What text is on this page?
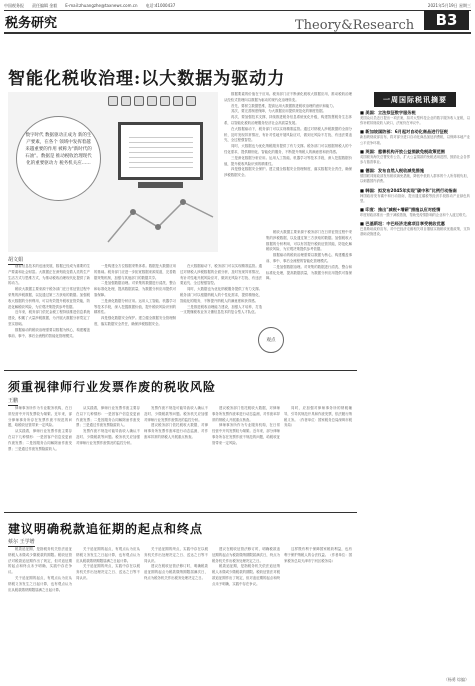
中国税务报 责任编辑 金毅 E-mail:zhuangzhe@taxnews.com.cn 电话:41000437	2021年5月19日 星期三
税务研究	Theory&Research	B3
智能化税收治理:以大数据为驱动力
数字时代 数据驱动正成为 新的生产要素，在各个 领域中发挥着越来越重要的作用 被称为"新时代的石油"。数据是 推动税收治理现代化的重要驱动力 税务机关应……
胡文娟

随着信息技术的迅速发展，数据已经成为重要的生产要素和社会财富。大数据正在深刻改变着人类的生产生活方式与思维方式，为推动税收治理现代化提供了新的动力。

税收大数据主要来源于税务部门在日常征管过程中采集的涉税数据，以及通过第三方获取的数据。加强税收大数据的分析利用，可以有效提升税收征管效能，防范化解税收风险，为宏观决策提供参考依据。

近年来，税务部门依托金税工程持续推进信息系统建设，积累了大量涉税数据，为开展大数据分析奠定了坚实基础。

数据驱动的税收治理需要以数据为核心，构建覆盖事前、事中、事后全流程的智能化管理模式。

一是构建全方位数据采集体系。数据是大数据应用的基础。税务部门应进一步拓宽数据来源渠道，完善数据采集机制，加强与其他部门的数据共享。

二是加强数据治理。对采集的数据进行清洗、整合和标准化处理，提高数据质量，为数据分析应用提供可靠保障。

三是深化数据分析应用。运用人工智能、机器学习等技术手段，深入挖掘数据价值，提升税收风险识别的精准性。

四是强化数据安全保护。建立健全数据安全管理制度，落实数据安全责任，确保涉税数据安全。

在大数据驱动下，税务部门可以实现精准监管。通过对纳税人涉税数据的全面分析，及时发现异常情况，有针对性地开展风险应对，做到无风险不打扰、有违法要追究、全过程强智控。

同时，大数据也为优化纳税服务提供了有力支撑。税务部门可以根据纳税人的个性化需求，提供精细化、智能化的服务，不断提升纳税人的满意度和获得感。

三是推进税收治理能力建设，加强人才培养，打造一支既懂税收业务又懂信息技术的复合型人才队伍。

数据要素的价值在于应用。税务部门应不断深化税收大数据应用，推动税收治理从经验式管理向以数据为驱动的现代化治理转变。

首先，要树立数据思维，提高运用大数据推进税收治理的意识和能力。

其次，要完善制度保障，为大数据应用提供规范化的制度依据。

再次，要加强技术支撑，持续推进税务信息系统优化升级，构建智慧税务生态体系，以智能化税收治理服务经济社会高质量发展。

在大数据驱动下，税务部门可以实现精准监管。通过对纳税人涉税数据的全面分析，及时发现异常情况，有针对性地开展风险应对，做到无风险不打扰、有违法要追究、全过程强智控。

同时，大数据也为优化纳税服务提供了有力支撑。税务部门可以根据纳税人的个性化需求，提供精细化、智能化的服务，不断提升纳税人的满意度和获得感。

三是深化数据分析应用。运用人工智能、机器学习等技术手段，深入挖掘数据价值，提升税收风险识别的精准性。

四是强化数据安全保护。建立健全数据安全管理制度，落实数据安全责任，确保涉税数据安全。

税收大数据主要来源于税务部门在日常征管过程中采集的涉税数据，以及通过第三方获取的数据。加强税收大数据的分析利用，可以有效提升税收征管效能，防范化解税收风险，为宏观决策提供参考依据。

数据驱动的税收治理需要以数据为核心，构建覆盖事前、事中、事后全流程的智能化管理模式。

二是加强数据治理。对采集的数据进行清洗、整合和标准化处理，提高数据质量，为数据分析应用提供可靠保障。

观点
一周国际税讯摘要
■ 美国：立法拟征数字服务税
美国众议员近日提出一项法案，拟对大型科技企业的数字服务收入征税，以弥补联邦财政收入缺口，法案仍在审议中。
■ 新加坡国防部：6月起对自动化商品进行征税
新加坡财政部宣布，将对部分进口自动化商品加征消费税，以保障本地产业公平竞争环境。
■ 英国：慈善机构开放公益捐款免税政策范围
英国税务海关总署发布公告，扩大公益捐款的免税适用范围，鼓励社会各界参与慈善事业。
■ 德国：发布自然人税收减免措施
德国联邦财政部发布税收减免措施，降低中低收入群体的个人所得税负担，以刺激国内消费。
■ 韩国：拟发布2045年实现"碳中和"比例行动指南
韩国政府发布碳中和行动指南，提出通过碳税等经济手段推动产业绿色转型。
■ 印度：推出"减税+增薪"措施以应对疫情
印度财政部推出一揽子减税措施，帮助受疫情影响的企业和个人渡过难关。
■ 巴基斯坦：中巴经济走廊项目享受税收优惠
巴基斯坦政府宣布，对中巴经济走廊相关项目继续实施税收优惠政策，支持基础设施建设。
（杨勇 综编）
须重视律师行业发票作废的税收风险
王鹏

律师事务所作为专业服务机构，在日常经营中开具发票较为频繁。近年来，部分律师事务所存在发票作废不规范的问题，给税收征管带来一定风险。

从实践看，律师行业发票作废主要存在以下几种情形：一是因客户信息变更而作废发票；二是因服务合同解除而作废发票；三是通过作废发票隐匿收入。

从实践看，律师行业发票作废主要存在以下几种情形：一是因客户信息变更而作废发票；二是因服务合同解除而作废发票；三是通过作废发票隐匿收入。

发票作废不规范可能导致收入确认不及时、少缴税款等问题。税务机关应加强对律师行业发票作废情况的监控分析。

发票作废不规范可能导致收入确认不及时、少缴税款等问题。税务机关应加强对律师行业发票作废情况的监控分析。

建议税务部门依托税收大数据，对律师事务所发票作废率进行动态监测，对作废率异常的纳税人开展重点核查。

建议税务部门依托税收大数据，对律师事务所发票作废率进行动态监测，对作废率异常的纳税人开展重点核查。

律师事务所作为专业服务机构，在日常经营中开具发票较为频繁。近年来，部分律师事务所存在发票作废不规范的问题，给税收征管带来一定风险。

同时，应加强对律师事务所的纳税辅导，引导其规范开具和作废发票，依法履行纳税义务。（作者单位：国家税务总局深圳市税务局）

建议明确税款追征期的起点和终点
蔡尔 王学增

税款追征期，是指税务机关依法追征纳税人未缴或少缴税款的期限。税收征管法对税款追征期作出了规定，但对追征期的起点和终点未予明确，实践中存在争议。

关于追征期的起点，有观点认为应从纳税义务发生之日起计算，也有观点认为应从税款缴纳期限届满之日起计算。

关于追征期的起点，有观点认为应从纳税义务发生之日起计算，也有观点认为应从税款缴纳期限届满之日起计算。

关于追征期的终点，实践中存在以税务机关作出处理决定之日、送达之日等不同认识。

关于追征期的终点，实践中存在以税务机关作出处理决定之日、送达之日等不同认识。

建议在税收征管法修订时，明确税款追征期的起点为税款缴纳期限届满次日，终点为税务机关作出税务处理决定之日。

建议在税收征管法修订时，明确税款追征期的起点为税款缴纳期限届满次日，终点为税务机关作出税务处理决定之日。

税款追征期，是指税务机关依法追征纳税人未缴或少缴税款的期限。税收征管法对税款追征期作出了规定，但对追征期的起点和终点未予明确，实践中存在争议。

这样既有利于保障国家税收利益，也有利于保护纳税人的合法权益。（作者单位：国家税务总局天津市宁河区税务局）
